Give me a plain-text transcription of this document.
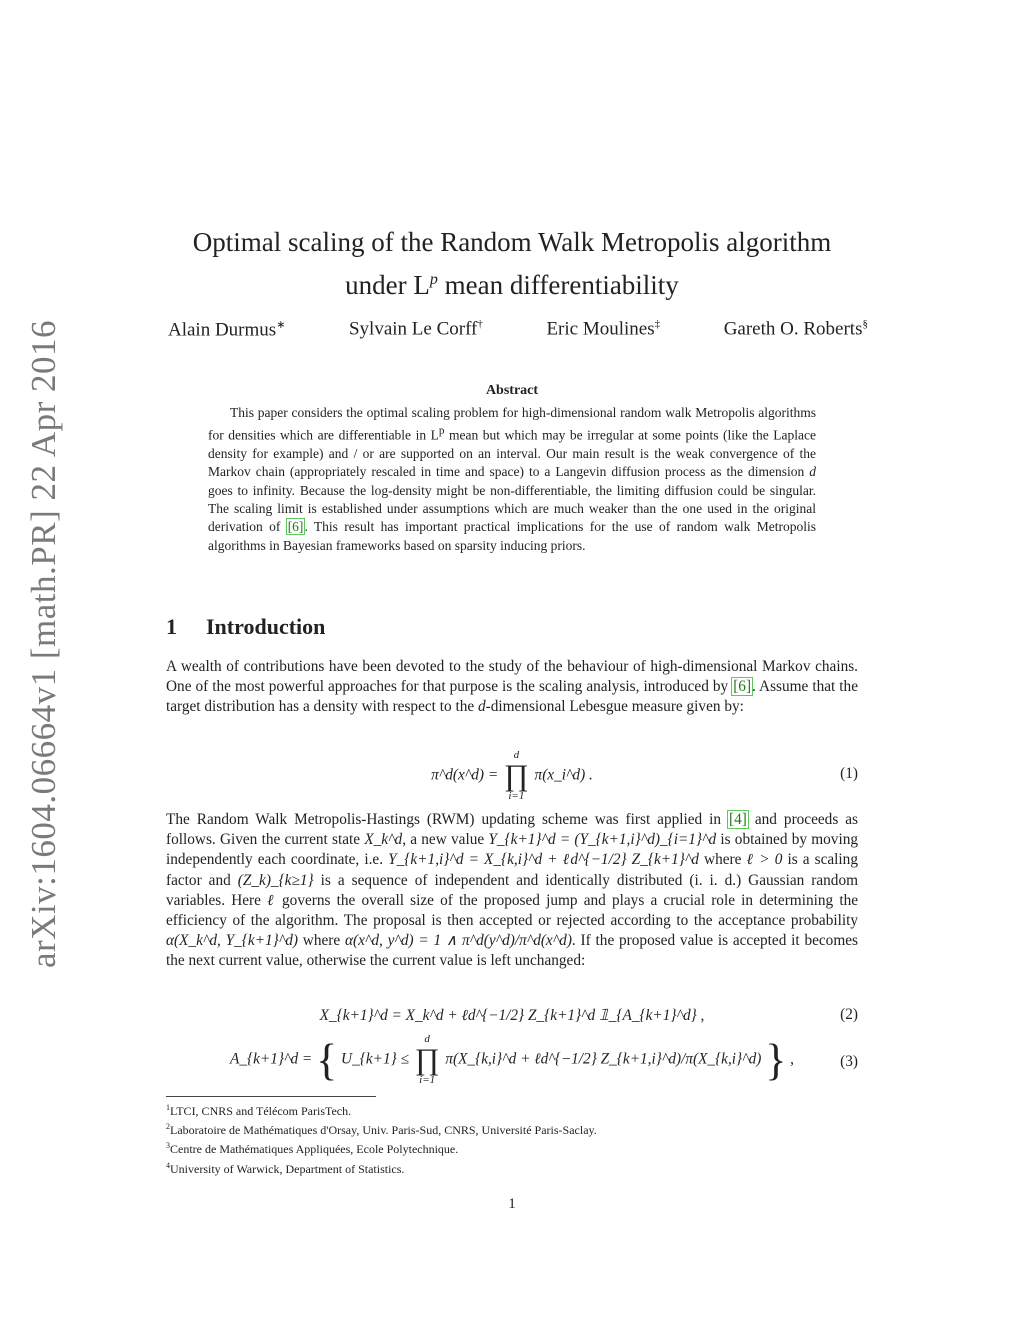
arXiv:1604.06664v1 [math.PR] 22 Apr 2016
Optimal scaling of the Random Walk Metropolis algorithm
under $L^p$ mean differentiability
Alain Durmus∗	Sylvain Le Corff†	Eric Moulines‡	Gareth O. Roberts§
Abstract
This paper considers the optimal scaling problem for high-dimensional random walk Metropolis algorithms for densities which are differentiable in $L^p$ mean but which may be irregular at some points (like the Laplace density for example) and / or are supported on an interval. Our main result is the weak convergence of the Markov chain (appropriately rescaled in time and space) to a Langevin diffusion process as the dimension d goes to infinity. Because the log-density might be non-differentiable, the limiting diffusion could be singular. The scaling limit is established under assumptions which are much weaker than the one used in the original derivation of [6]. This result has important practical implications for the use of random walk Metropolis algorithms in Bayesian frameworks based on sparsity inducing priors.
1 Introduction
A wealth of contributions have been devoted to the study of the behaviour of high-dimensional Markov chains. One of the most powerful approaches for that purpose is the scaling analysis, introduced by [6]. Assume that the target distribution has a density with respect to the d-dimensional Lebesgue measure given by:
π^d(x^d) =
d
∏
i=1
π(x_i^d) .	(1)
The Random Walk Metropolis-Hastings (RWM) updating scheme was first applied in [4] and proceeds as follows. Given the current state X_k^d, a new value Y_{k+1}^d = (Y_{k+1,i}^d)_{i=1}^d is obtained by moving independently each coordinate, i.e. Y_{k+1,i}^d = X_{k,i}^d + ℓd^{−1/2} Z_{k+1}^d where ℓ > 0 is a scaling factor and (Z_k)_{k≥1} is a sequence of independent and identically distributed (i. i. d.) Gaussian random variables. Here ℓ governs the overall size of the proposed jump and plays a crucial role in determining the efficiency of the algorithm. The proposal is then accepted or rejected according to the acceptance probability α(X_k^d, Y_{k+1}^d) where α(x^d, y^d) = 1 ∧ π^d(y^d)/π^d(x^d). If the proposed value is accepted it becomes the next current value, otherwise the current value is left unchanged:
X_{k+1}^d = X_k^d + ℓd^{−1/2} Z_{k+1}^d 𝟙_{A_{k+1}^d} ,	(2)
A_{k+1}^d = { U_{k+1} ≤
d
∏
i=1
π(X_{k,i}^d + ℓd^{−1/2} Z_{k+1,i}^d)/π(X_{k,i}^d) } ,	(3)
$^1$LTCI, CNRS and Télécom ParisTech.
$^2$Laboratoire de Mathématiques d'Orsay, Univ. Paris-Sud, CNRS, Université Paris-Saclay.
$^3$Centre de Mathématiques Appliquées, Ecole Polytechnique.
$^4$University of Warwick, Department of Statistics.
1
